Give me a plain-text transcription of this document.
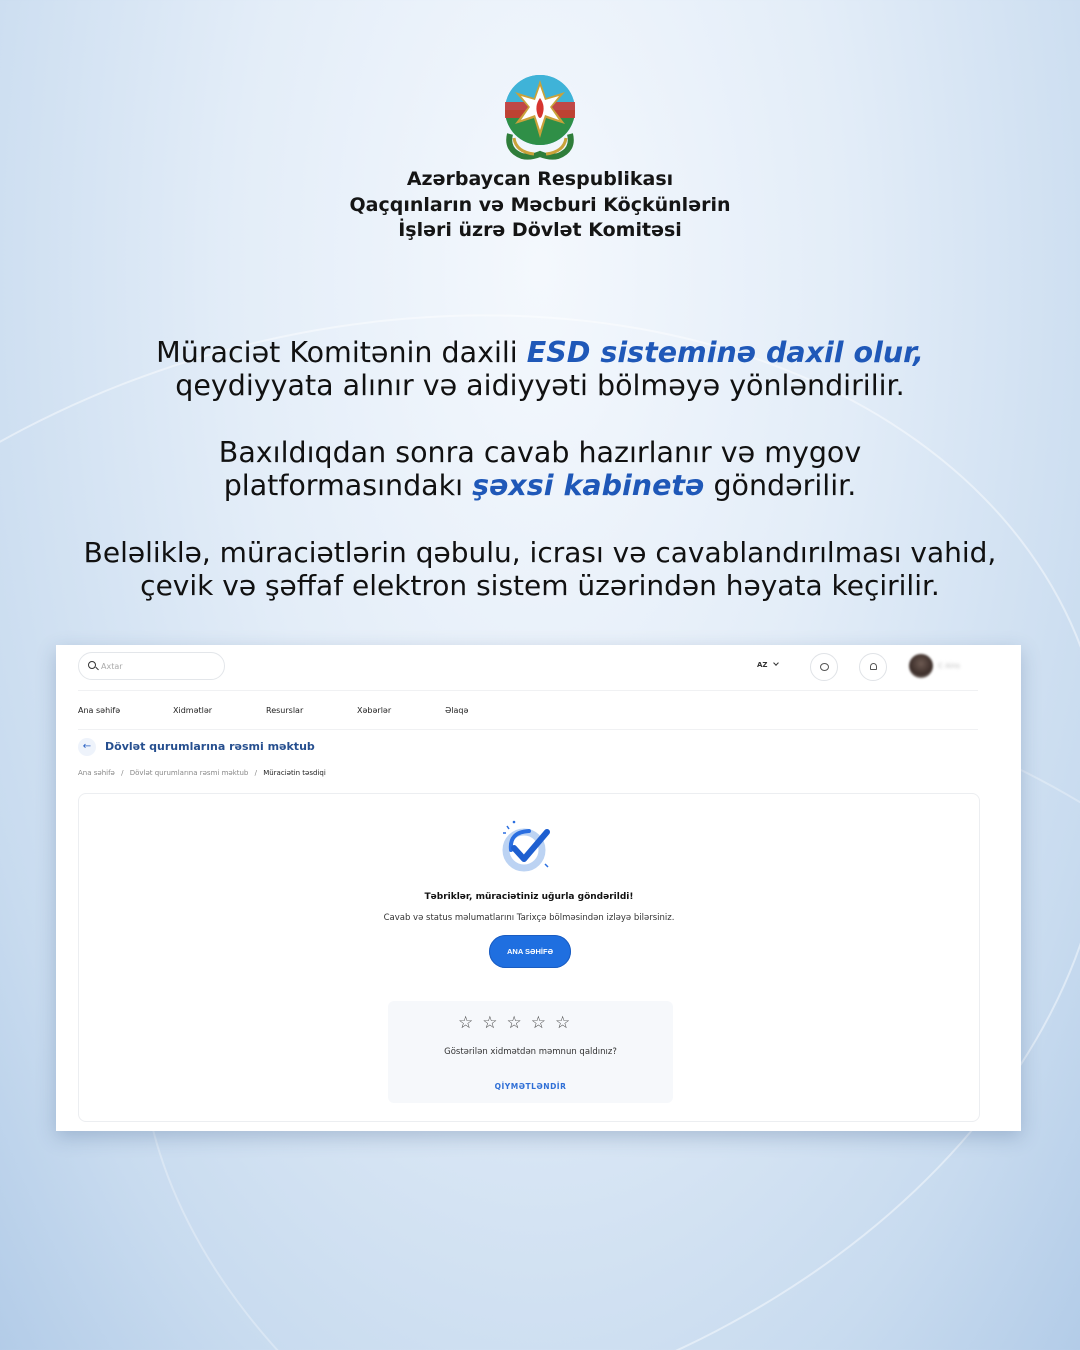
Azərbaycan Respublikası
Qaçqınların və Məcburi Köçkünlərin
İşləri üzrə Dövlət Komitəsi
Müraciət Komitənin daxili ESD sisteminə daxil olur,
qeydiyyata alınır və aidiyyəti bölməyə yönləndirilir.
Baxıldıqdan sonra cavab hazırlanır və mygov
platformasındakı şəxsi kabinetə göndərilir.
Beləliklə, müraciətlərin qəbulu, icrası və cavablandırılması vahid,
çevik və şəffaf elektron sistem üzərindən həyata keçirilir.
Axtar
AZ	C Ains
Ana səhifə	Xidmətlər	Resurslar	Xəbərlər	Əlaqə
←	Dövlət qurumlarına rəsmi məktub
Ana səhifə / Dövlət qurumlarına rəsmi məktub / Müraciətin təsdiqi
Təbriklər, müraciətiniz uğurla göndərildi!
Cavab və status məlumatlarını Tarixçə bölməsindən izləyə bilərsiniz.
ANA SƏHİFƏ
☆☆☆☆☆
Göstərilən xidmətdən məmnun qaldınız?
QİYMƏTLƏNDİR
